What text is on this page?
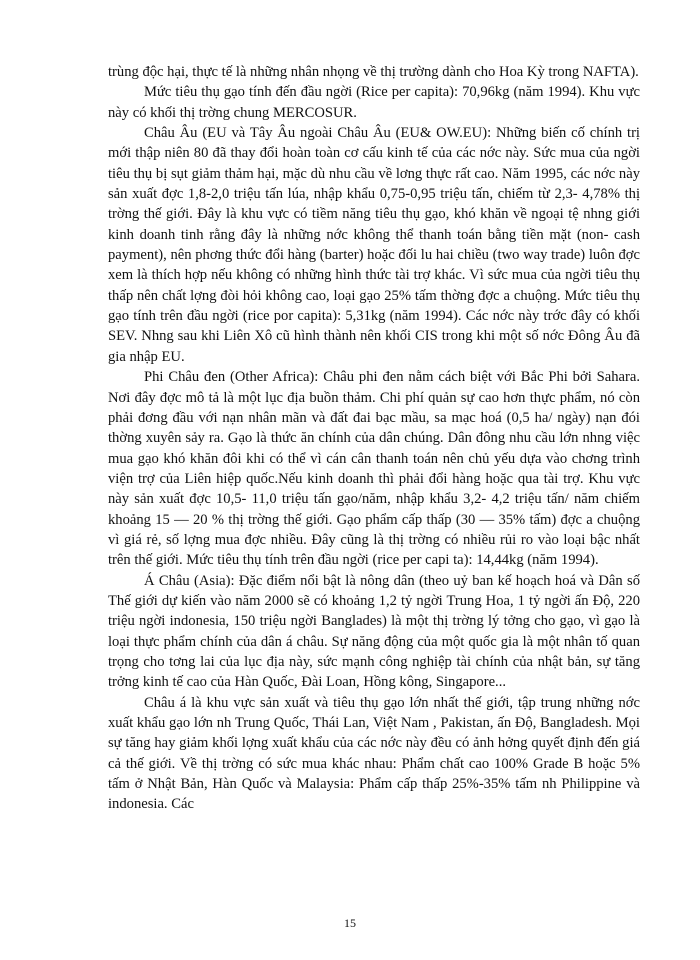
trùng độc hại, thực tế là những nhân nhọng về thị trường dành cho Hoa Kỳ trong NAFTA).

Mức tiêu thụ gạo tính đến đầu ngời (Rice per capita): 70,96kg (năm 1994). Khu vực này có khối thị trờng chung MERCOSUR.

Châu Âu (EU và Tây Âu ngoài Châu Âu (EU& OW.EU): Những biến cố chính trị mới thập niên 80 đã thay đổi hoàn toàn cơ cấu kinh tế của các nớc này. Sức mua của ngời tiêu thụ bị sụt giảm thảm hại, mặc dù nhu cầu về lơng thực rất cao. Năm 1995, các nớc này sản xuất đợc 1,8-2,0 triệu tấn lúa, nhập khẩu 0,75-0,95 triệu tấn, chiếm từ 2,3- 4,78% thị trờng thế giới. Đây là khu vực có tiềm năng tiêu thụ gạo, khó khăn về ngoại tệ nhng giới kinh doanh tinh rằng đây là những nớc không thể thanh toán bằng tiền mặt (non- cash payment), nên phơng thức đổi hàng (barter) hoặc đối lu hai chiều (two way trade) luôn đợc xem là thích hợp nếu không có những hình thức tài trợ khác. Vì sức mua của ngời tiêu thụ thấp nên chất lợng đòi hỏi không cao, loại gạo 25% tấm thờng đợc a chuộng. Mức tiêu thụ gạo tính trên đầu ngời (rice por capita): 5,31kg (năm 1994). Các nớc này trớc đây có khối SEV. Nhng sau khi Liên Xô cũ hình thành nên khối CIS trong khi một số nớc Đông Âu đã gia nhập EU.

Phi Châu đen (Other Africa): Châu phi đen nằm cách biệt với Bắc Phi bởi Sahara. Nơi đây đợc mô tả là một lục địa buồn thảm. Chi phí quản sự cao hơn thực phẩm, nó còn phải đơng đầu với nạn nhân mãn và đất đai bạc mầu, sa mạc hoá (0,5 ha/ ngày) nạn đói thờng xuyên sảy ra. Gạo là thức ăn chính của dân chúng. Dân đông nhu cầu lớn nhng việc mua gạo khó khăn đôi khi có thể vì cán cân thanh toán nên chủ yếu dựa vào chơng trình viện trợ của Liên hiệp quốc.Nếu kinh doanh thì phải đổi hàng hoặc qua tài trợ. Khu vực này sản xuất đợc 10,5- 11,0 triệu tấn gạo/năm, nhập khẩu 3,2- 4,2 triệu tấn/ năm chiếm khoảng 15 — 20 % thị trờng thế giới. Gạo phẩm cấp thấp (30 — 35% tấm) đợc a chuộng vì giá rẻ, số lợng mua đợc nhiều. Đây cũng là thị trờng có nhiều rủi ro vào loại bậc nhất trên thế giới. Mức tiêu thụ tính trên đầu ngời (rice per capi ta): 14,44kg (năm 1994).

Á Châu (Asia): Đặc điểm nổi bật là nông dân (theo uỷ ban kế hoạch hoá và Dân số Thế giới dự kiến vào năm 2000 sẽ có khoảng 1,2 tỷ ngời Trung Hoa, 1 tỷ ngời ấn Độ, 220 triệu ngời indonesia, 150 triệu ngời Banglades) là một thị trờng lý tởng cho gạo, vì gạo là loại thực phẩm chính của dân á châu. Sự năng động của một quốc gia là một nhân tố quan trọng cho tơng lai của lục địa này, sức mạnh công nghiệp tài chính của nhật bản, sự tăng trởng kinh tế cao của Hàn Quốc, Đài Loan, Hồng kông, Singapore...

Châu á là khu vực sản xuất và tiêu thụ gạo lớn nhất thế giới, tập trung những nớc xuất khẩu gạo lớn nh Trung Quốc, Thái Lan, Việt Nam , Pakistan, ấn Độ, Bangladesh. Mọi sự tăng hay giảm khối lợng xuất khẩu của các nớc này đều có ảnh hởng quyết định đến giá cả thế giới. Về thị trờng có sức mua khác nhau: Phẩm chất cao 100% Grade B hoặc 5% tấm ở Nhật Bản, Hàn Quốc và Malaysia: Phẩm cấp thấp 25%-35% tấm nh Philippine và indonesia. Các

15
